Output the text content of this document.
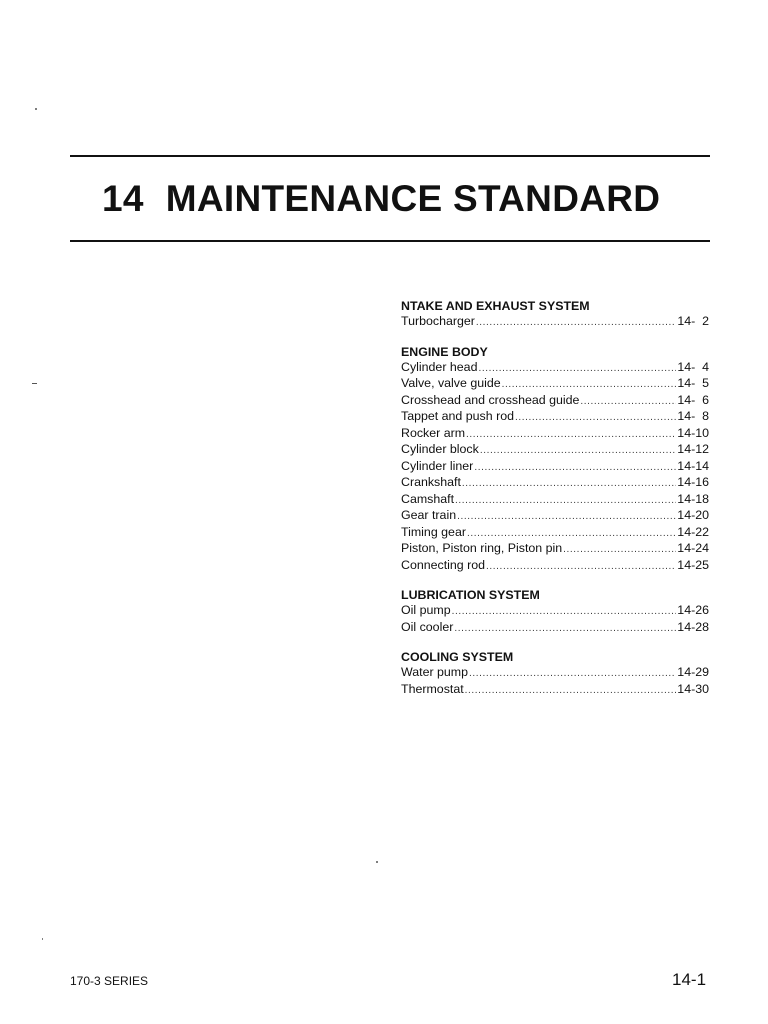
14 MAINTENANCE STANDARD
NTAKE AND EXHAUST SYSTEM
Turbocharger .....	14-  2
ENGINE BODY
Cylinder head .....	14-  4
Valve, valve guide .....	14-  5
Crosshead and crosshead guide .....	14-  6
Tappet and push rod .....	14-  8
Rocker arm .....	14-10
Cylinder block .....	14-12
Cylinder liner .....	14-14
Crankshaft .....	14-16
Camshaft .....	14-18
Gear train .....	14-20
Timing gear .....	14-22
Piston, Piston ring, Piston pin .....	14-24
Connecting rod .....	14-25
LUBRICATION SYSTEM
Oil pump .....	14-26
Oil cooler .....	14-28
COOLING SYSTEM
Water pump .....	14-29
Thermostat .....	14-30
170-3 SERIES	14-1
